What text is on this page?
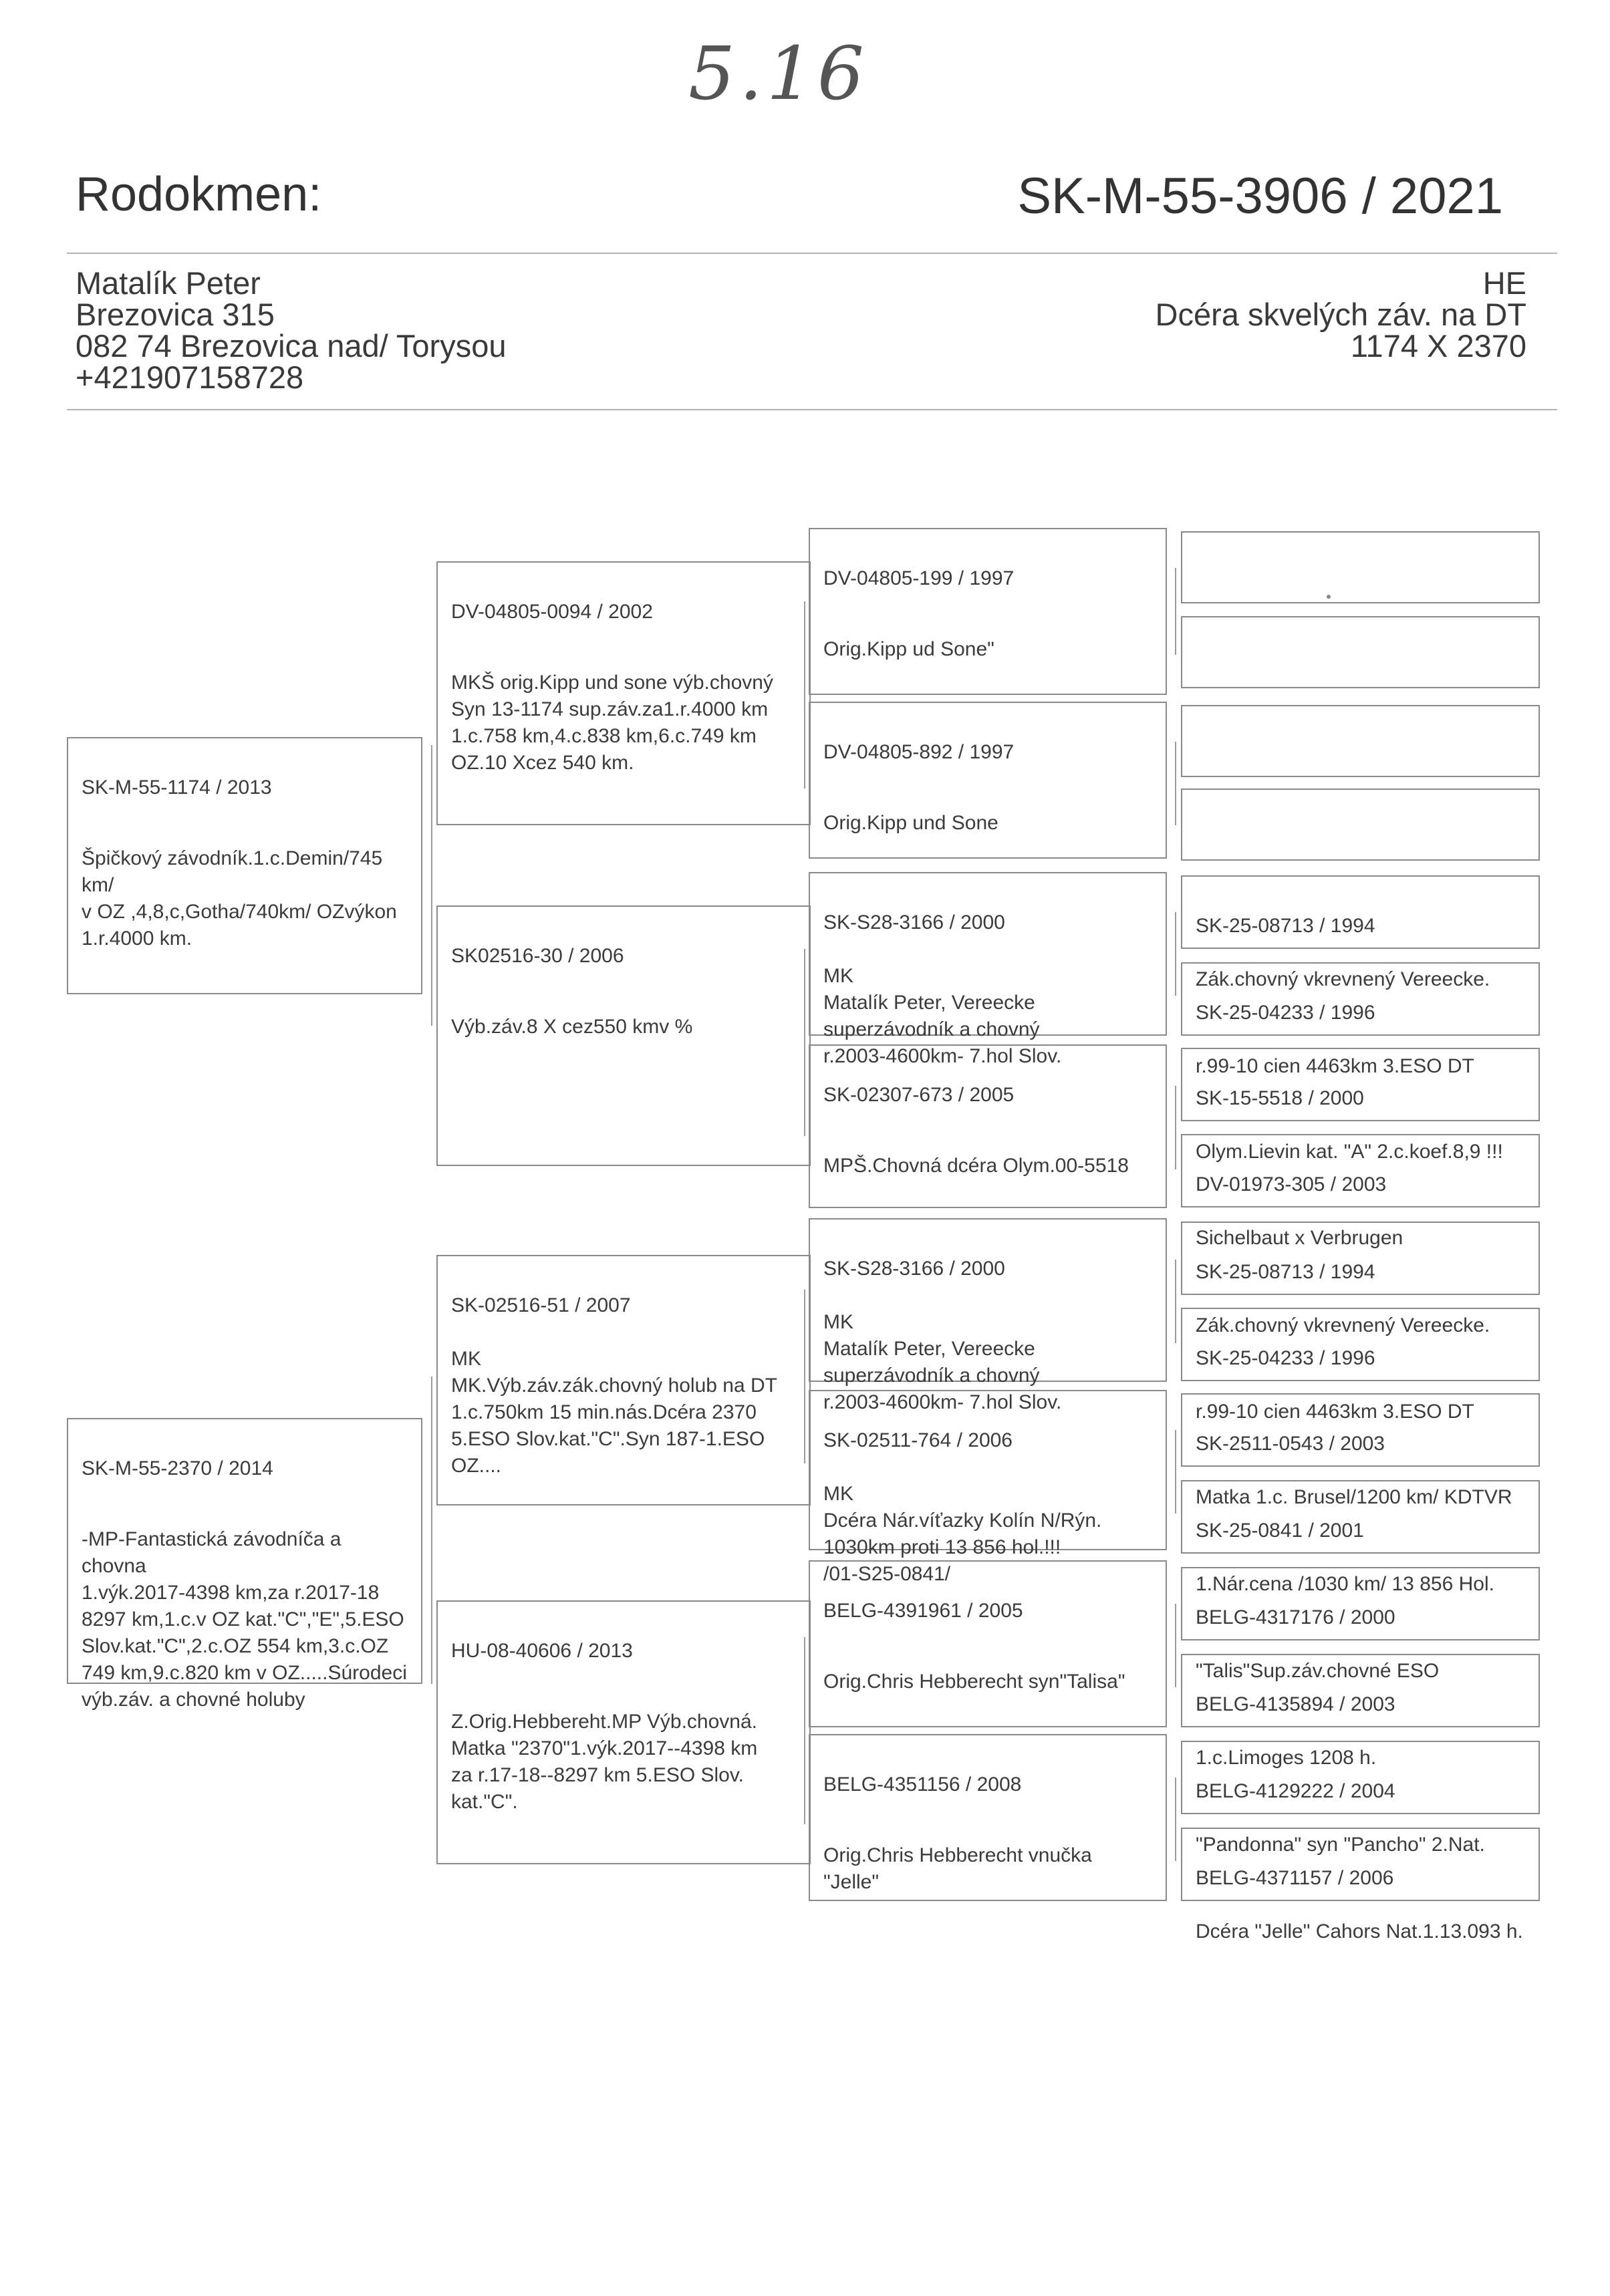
5.16
Rodokmen:	SK-M-55-3906 / 2021
Matalík Peter
Brezovica 315
082 74 Brezovica nad/ Torysou
+421907158728
HE
Dcéra skvelých záv. na DT
1174 X 2370

SK-M-55-1174 / 2013

Špičkový závodník.1.c.Demin/745 km/
v OZ ,4,8,c,Gotha/740km/ OZvýkon
1.r.4000 km.

SK-M-55-2370 / 2014

-MP-Fantastická závodníča a chovna
1.výk.2017-4398 km,za r.2017-18
8297 km,1.c.v OZ kat."C","E",5.ESO
Slov.kat."C",2.c.OZ 554 km,3.c.OZ
749 km,9.c.820 km v OZ.....Súrodeci
výb.záv. a chovné holuby

DV-04805-0094 / 2002

MKŠ orig.Kipp und sone výb.chovný
Syn 13-1174 sup.záv.za1.r.4000 km
1.c.758 km,4.c.838 km,6.c.749 km
OZ.10 Xcez 540 km.

SK02516-30 / 2006

Výb.záv.8 X cez550 kmv %

SK-02516-51 / 2007

MK
MK.Výb.záv.zák.chovný holub na DT
1.c.750km 15 min.nás.Dcéra 2370
5.ESO Slov.kat."C".Syn 187-1.ESO
OZ....

HU-08-40606 / 2013

Z.Orig.Hebbereht.MP Výb.chovná.
Matka "2370"1.výk.2017--4398 km
za r.17-18--8297 km 5.ESO Slov.
kat."C".

DV-04805-199 / 1997

Orig.Kipp ud Sone"

DV-04805-892 / 1997

Orig.Kipp und Sone

SK-S28-3166 / 2000

MK
Matalík Peter, Vereecke
superzávodník a chovný
r.2003-4600km- 7.hol Slov.

SK-02307-673 / 2005

MPŠ.Chovná dcéra Olym.00-5518

SK-S28-3166 / 2000

MK
Matalík Peter, Vereecke
superzávodník a chovný
r.2003-4600km- 7.hol Slov.

SK-02511-764 / 2006

MK
Dcéra Nár.víťazky Kolín N/Rýn.
1030km proti 13 856 hol.!!!
/01-S25-0841/

BELG-4391961 / 2005

Orig.Chris Hebberecht syn"Talisa"

BELG-4351156 / 2008

Orig.Chris Hebberecht vnučka "Jelle"

SK-25-08713 / 1994

Zák.chovný vkrevnený Vereecke.

SK-25-04233 / 1996

r.99-10 cien 4463km 3.ESO DT

SK-15-5518 / 2000

Olym.Lievin kat. "A" 2.c.koef.8,9 !!!

DV-01973-305 / 2003

Sichelbaut x Verbrugen

SK-25-08713 / 1994

Zák.chovný vkrevnený Vereecke.

SK-25-04233 / 1996

r.99-10 cien 4463km 3.ESO DT

SK-2511-0543 / 2003

Matka 1.c. Brusel/1200 km/ KDTVR

SK-25-0841 / 2001

1.Nár.cena /1030 km/ 13 856 Hol.

BELG-4317176 / 2000

"Talis"Sup.záv.chovné ESO

BELG-4135894 / 2003

1.c.Limoges 1208 h.

BELG-4129222 / 2004

"Pandonna" syn "Pancho" 2.Nat.

BELG-4371157 / 2006

Dcéra "Jelle" Cahors Nat.1.13.093 h.
